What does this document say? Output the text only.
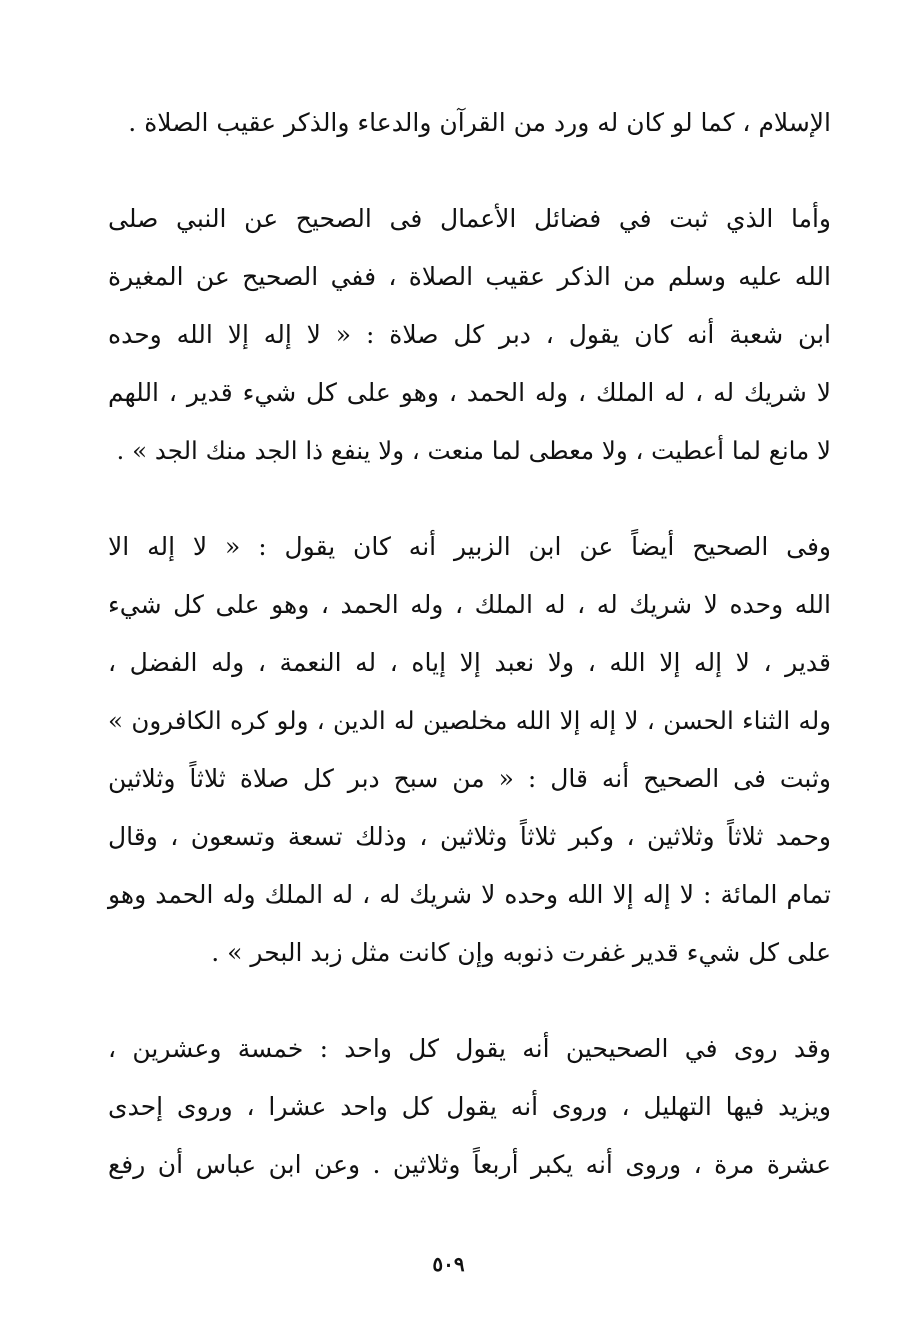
الإسلام ، كما لو كان له ورد من القرآن والدعاء والذكر عقيب الصلاة .
وأما الذي ثبت في فضائل الأعمال فى الصحيح عن النبي صلى
الله عليه وسلم من الذكر عقيب الصلاة ، ففي الصحيح عن المغيرة
ابن شعبة أنه كان يقول ، دبر كل صلاة : « لا إله إلا الله وحده
لا شريك له ، له الملك ، وله الحمد ، وهو على كل شيء قدير ، اللهم
لا مانع لما أعطيت ، ولا معطى لما منعت ، ولا ينفع ذا الجد منك الجد » .
وفى الصحيح أيضاً عن ابن الزبير أنه كان يقول : « لا إله الا
الله وحده لا شريك له ، له الملك ، وله الحمد ، وهو على كل شيء
قدير ، لا إله إلا الله ، ولا نعبد إلا إياه ، له النعمة ، وله الفضل ،
وله الثناء الحسن ، لا إله إلا الله مخلصين له الدين ، ولو كره الكافرون »
وثبت فى الصحيح أنه قال : « من سبح دبر كل صلاة ثلاثاً وثلاثين
وحمد ثلاثاً وثلاثين ، وكبر ثلاثاً وثلاثين ، وذلك تسعة وتسعون ، وقال
تمام المائة : لا إله إلا الله وحده لا شريك له ، له الملك وله الحمد وهو
على كل شيء قدير غفرت ذنوبه وإن كانت مثل زبد البحر » .
وقد روى في الصحيحين أنه يقول كل واحد : خمسة وعشرين ،
ويزيد فيها التهليل ، وروى أنه يقول كل واحد عشرا ، وروى إحدى
عشرة مرة ، وروى أنه يكبر أربعاً وثلاثين . وعن ابن عباس أن رفع
٥٠٩
